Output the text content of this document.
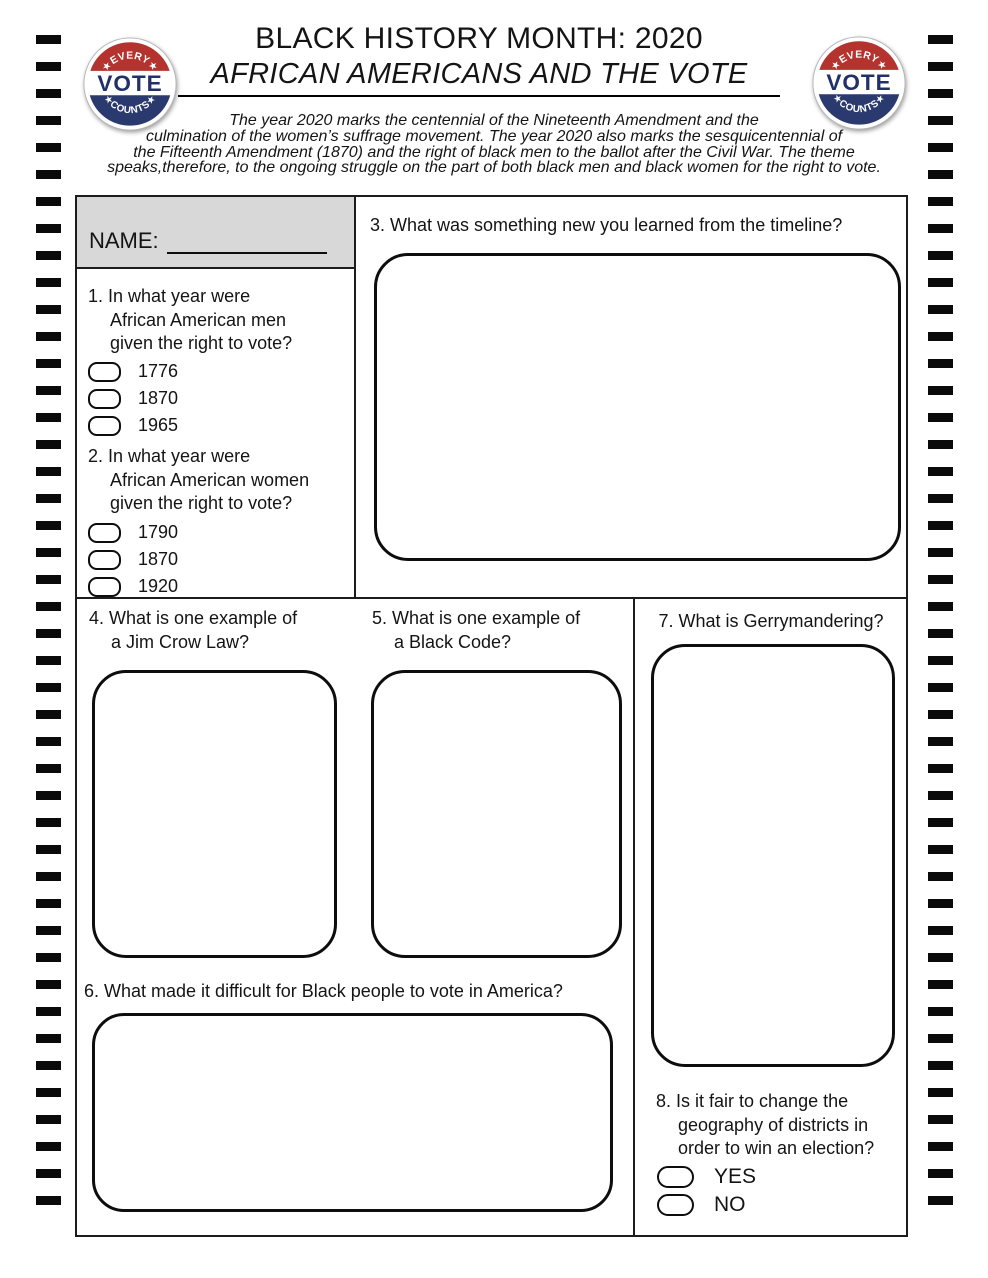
★EVERY★
VOTE
★COUNTS★
★EVERY★
VOTE
★COUNTS★
BLACK HISTORY MONTH: 2020
AFRICAN AMERICANS AND THE VOTE
The year 2020 marks the centennial of the Nineteenth Amendment and the
culmination of the women’s suffrage movement. The year 2020 also marks the sesquicentennial of
the Fifteenth Amendment (1870) and the right of black men to the ballot after the Civil War. The theme
speaks,therefore, to the ongoing struggle on the part of both black men and black women for the right to vote.
NAME:
1. In what year were
African American men
given the right to vote?
1776
1870
1965
2. In what year were
African American women
given the right to vote?
1790
1870
1920
3. What was something new you learned from the timeline?
4. What is one example of
a Jim Crow Law?
5. What is one example of
a Black Code?
6. What made it difficult for Black people to vote in America?
7. What is Gerrymandering?
8. Is it fair to change the
geography of districts in
order to win an election?
YES
NO
